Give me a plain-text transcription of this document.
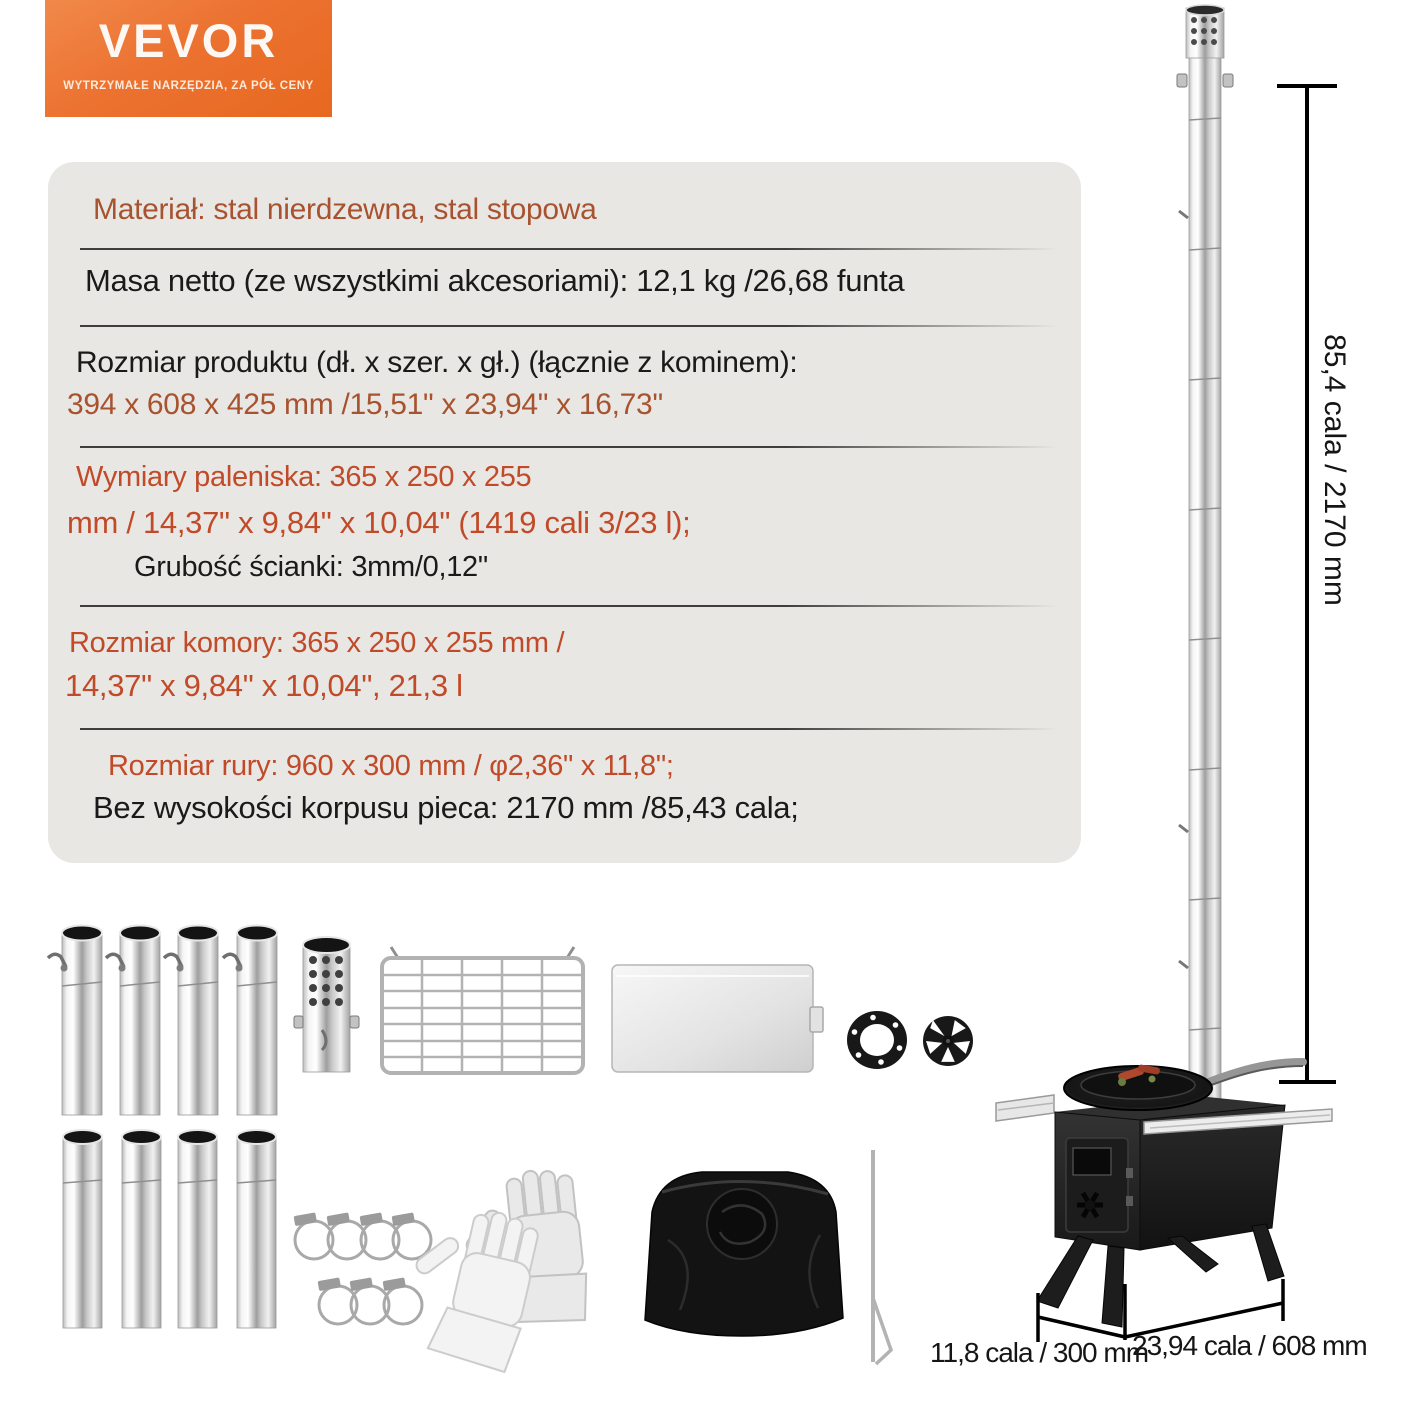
VEVOR
WYTRZYMAŁE NARZĘDZIA, ZA PÓŁ CENY
Materiał: stal nierdzewna, stal stopowa
Masa netto (ze wszystkimi akcesoriami): 12,1 kg /26,68 funta
Rozmiar produktu (dł. x szer. x gł.) (łącznie z kominem):
394 x 608 x 425 mm /15,51" x 23,94" x 16,73"
Wymiary paleniska: 365 x 250 x 255
mm / 14,37" x 9,84" x 10,04" (1419 cali 3/23 l);
Grubość ścianki: 3mm/0,12"
Rozmiar komory: 365 x 250 x 255 mm /
14,37" x 9,84" x 10,04", 21,3 l
Rozmiar rury: 960 x 300 mm / φ2,36" x 11,8";
Bez wysokości korpusu pieca: 2170 mm /85,43 cala;
85,4 cala / 2170 mm
11,8 cala / 300 mm
23,94 cala / 608 mm
